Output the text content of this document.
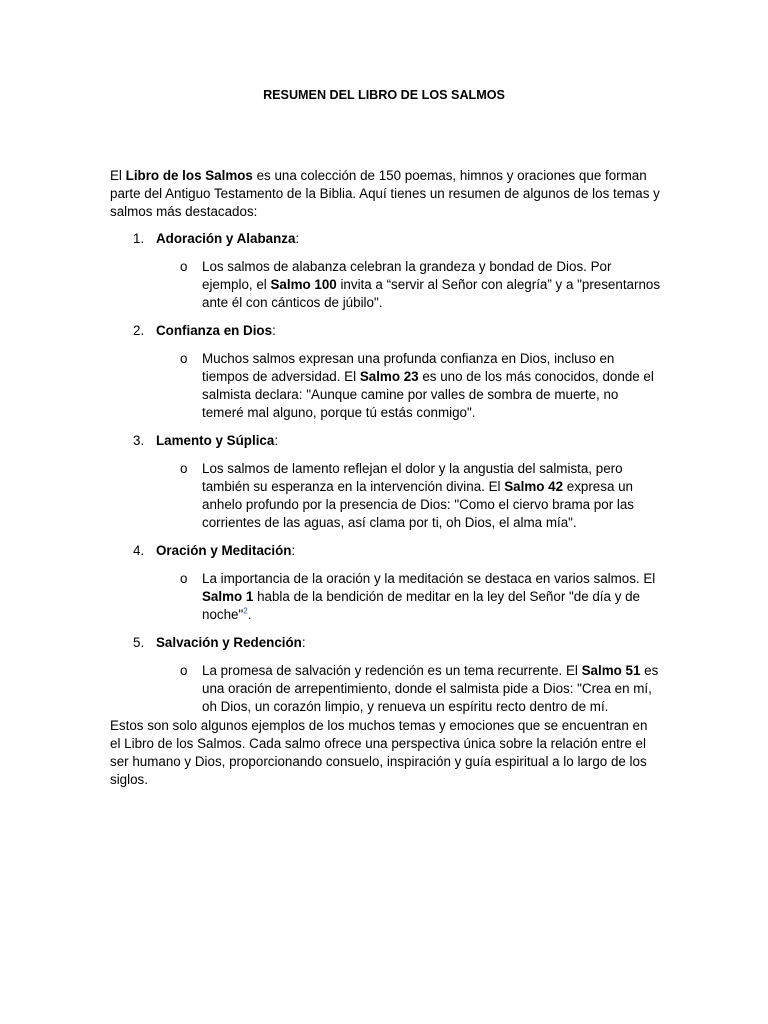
RESUMEN DEL LIBRO DE LOS SALMOS

El Libro de los Salmos es una colección de 150 poemas, himnos y oraciones que forman parte del Antiguo Testamento de la Biblia. Aquí tienes un resumen de algunos de los temas y salmos más destacados:

1. Adoración y Alabanza:
o Los salmos de alabanza celebran la grandeza y bondad de Dios. Por ejemplo, el Salmo 100 invita a “servir al Señor con alegría” y a "presentarnos ante él con cánticos de júbilo".
2. Confianza en Dios:
o Muchos salmos expresan una profunda confianza en Dios, incluso en tiempos de adversidad. El Salmo 23 es uno de los más conocidos, donde el salmista declara: "Aunque camine por valles de sombra de muerte, no temeré mal alguno, porque tú estás conmigo".
3. Lamento y Súplica:
o Los salmos de lamento reflejan el dolor y la angustia del salmista, pero también su esperanza en la intervención divina. El Salmo 42 expresa un anhelo profundo por la presencia de Dios: "Como el ciervo brama por las corrientes de las aguas, así clama por ti, oh Dios, el alma mía".
4. Oración y Meditación:
o La importancia de la oración y la meditación se destaca en varios salmos. El Salmo 1 habla de la bendición de meditar en la ley del Señor "de día y de noche"$^2$.
5. Salvación y Redención:
o La promesa de salvación y redención es un tema recurrente. El Salmo 51 es una oración de arrepentimiento, donde el salmista pide a Dios: "Crea en mí, oh Dios, un corazón limpio, y renueva un espíritu recto dentro de mí.

Estos son solo algunos ejemplos de los muchos temas y emociones que se encuentran en el Libro de los Salmos. Cada salmo ofrece una perspectiva única sobre la relación entre el ser humano y Dios, proporcionando consuelo, inspiración y guía espiritual a lo largo de los siglos.
